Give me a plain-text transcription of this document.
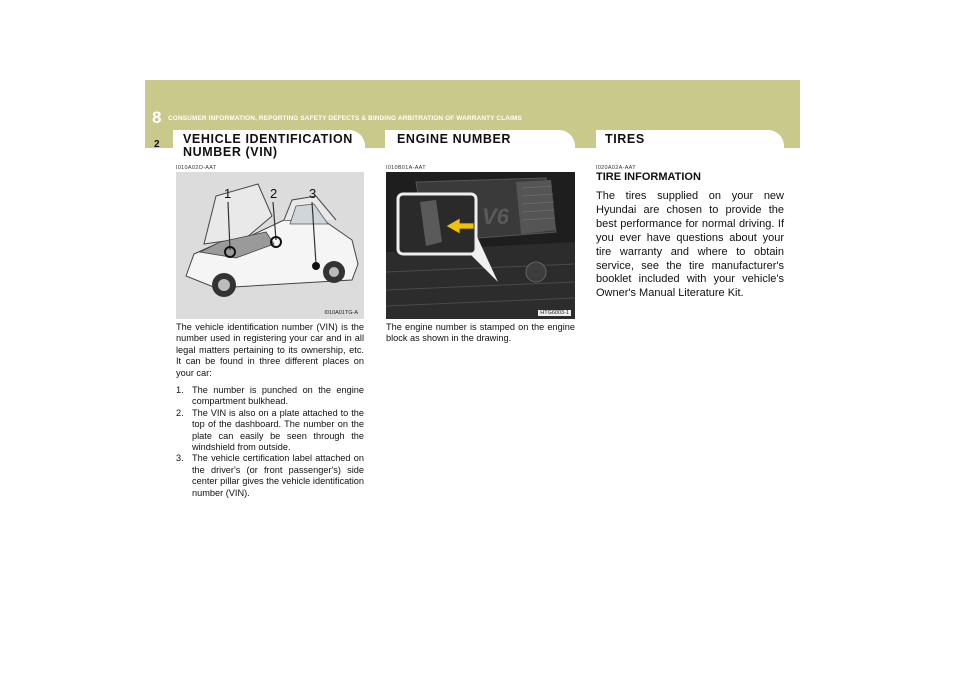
8 CONSUMER INFORMATION, REPORTING SAFETY DEFECTS & BINDING ARBITRATION OF WARRANTY CLAIMS
2 VEHICLE IDENTIFICATION
NUMBER (VIN)
I010A02O-AAT
1	2 3
I010A01TG-A
The vehicle identification number (VIN) is the number used in registering your car and in all legal matters pertaining to its ownership, etc. It can be found in three different places on your car:
1. The number is punched on the engine compartment bulkhead.
2. The VIN is also on a plate attached to the top of the dashboard. The number on the plate can easily be seen through the windshield from outside.
3. The vehicle certification label attached on the driver's (or front passenger's) side center pillar gives the vehicle identification number (VIN).
ENGINE NUMBER
I010B01A-AAT
V6
HTG6003-1
The engine number is stamped on the engine block as shown in the drawing.
TIRES
I020A02A-AAT
TIRE INFORMATION
The tires supplied on your new Hyundai are chosen to provide the best performance for normal driving. If you ever have questions about your tire warranty and where to obtain service, see the tire manufacturer's booklet included with your vehicle's Owner's Manual Literature Kit.
